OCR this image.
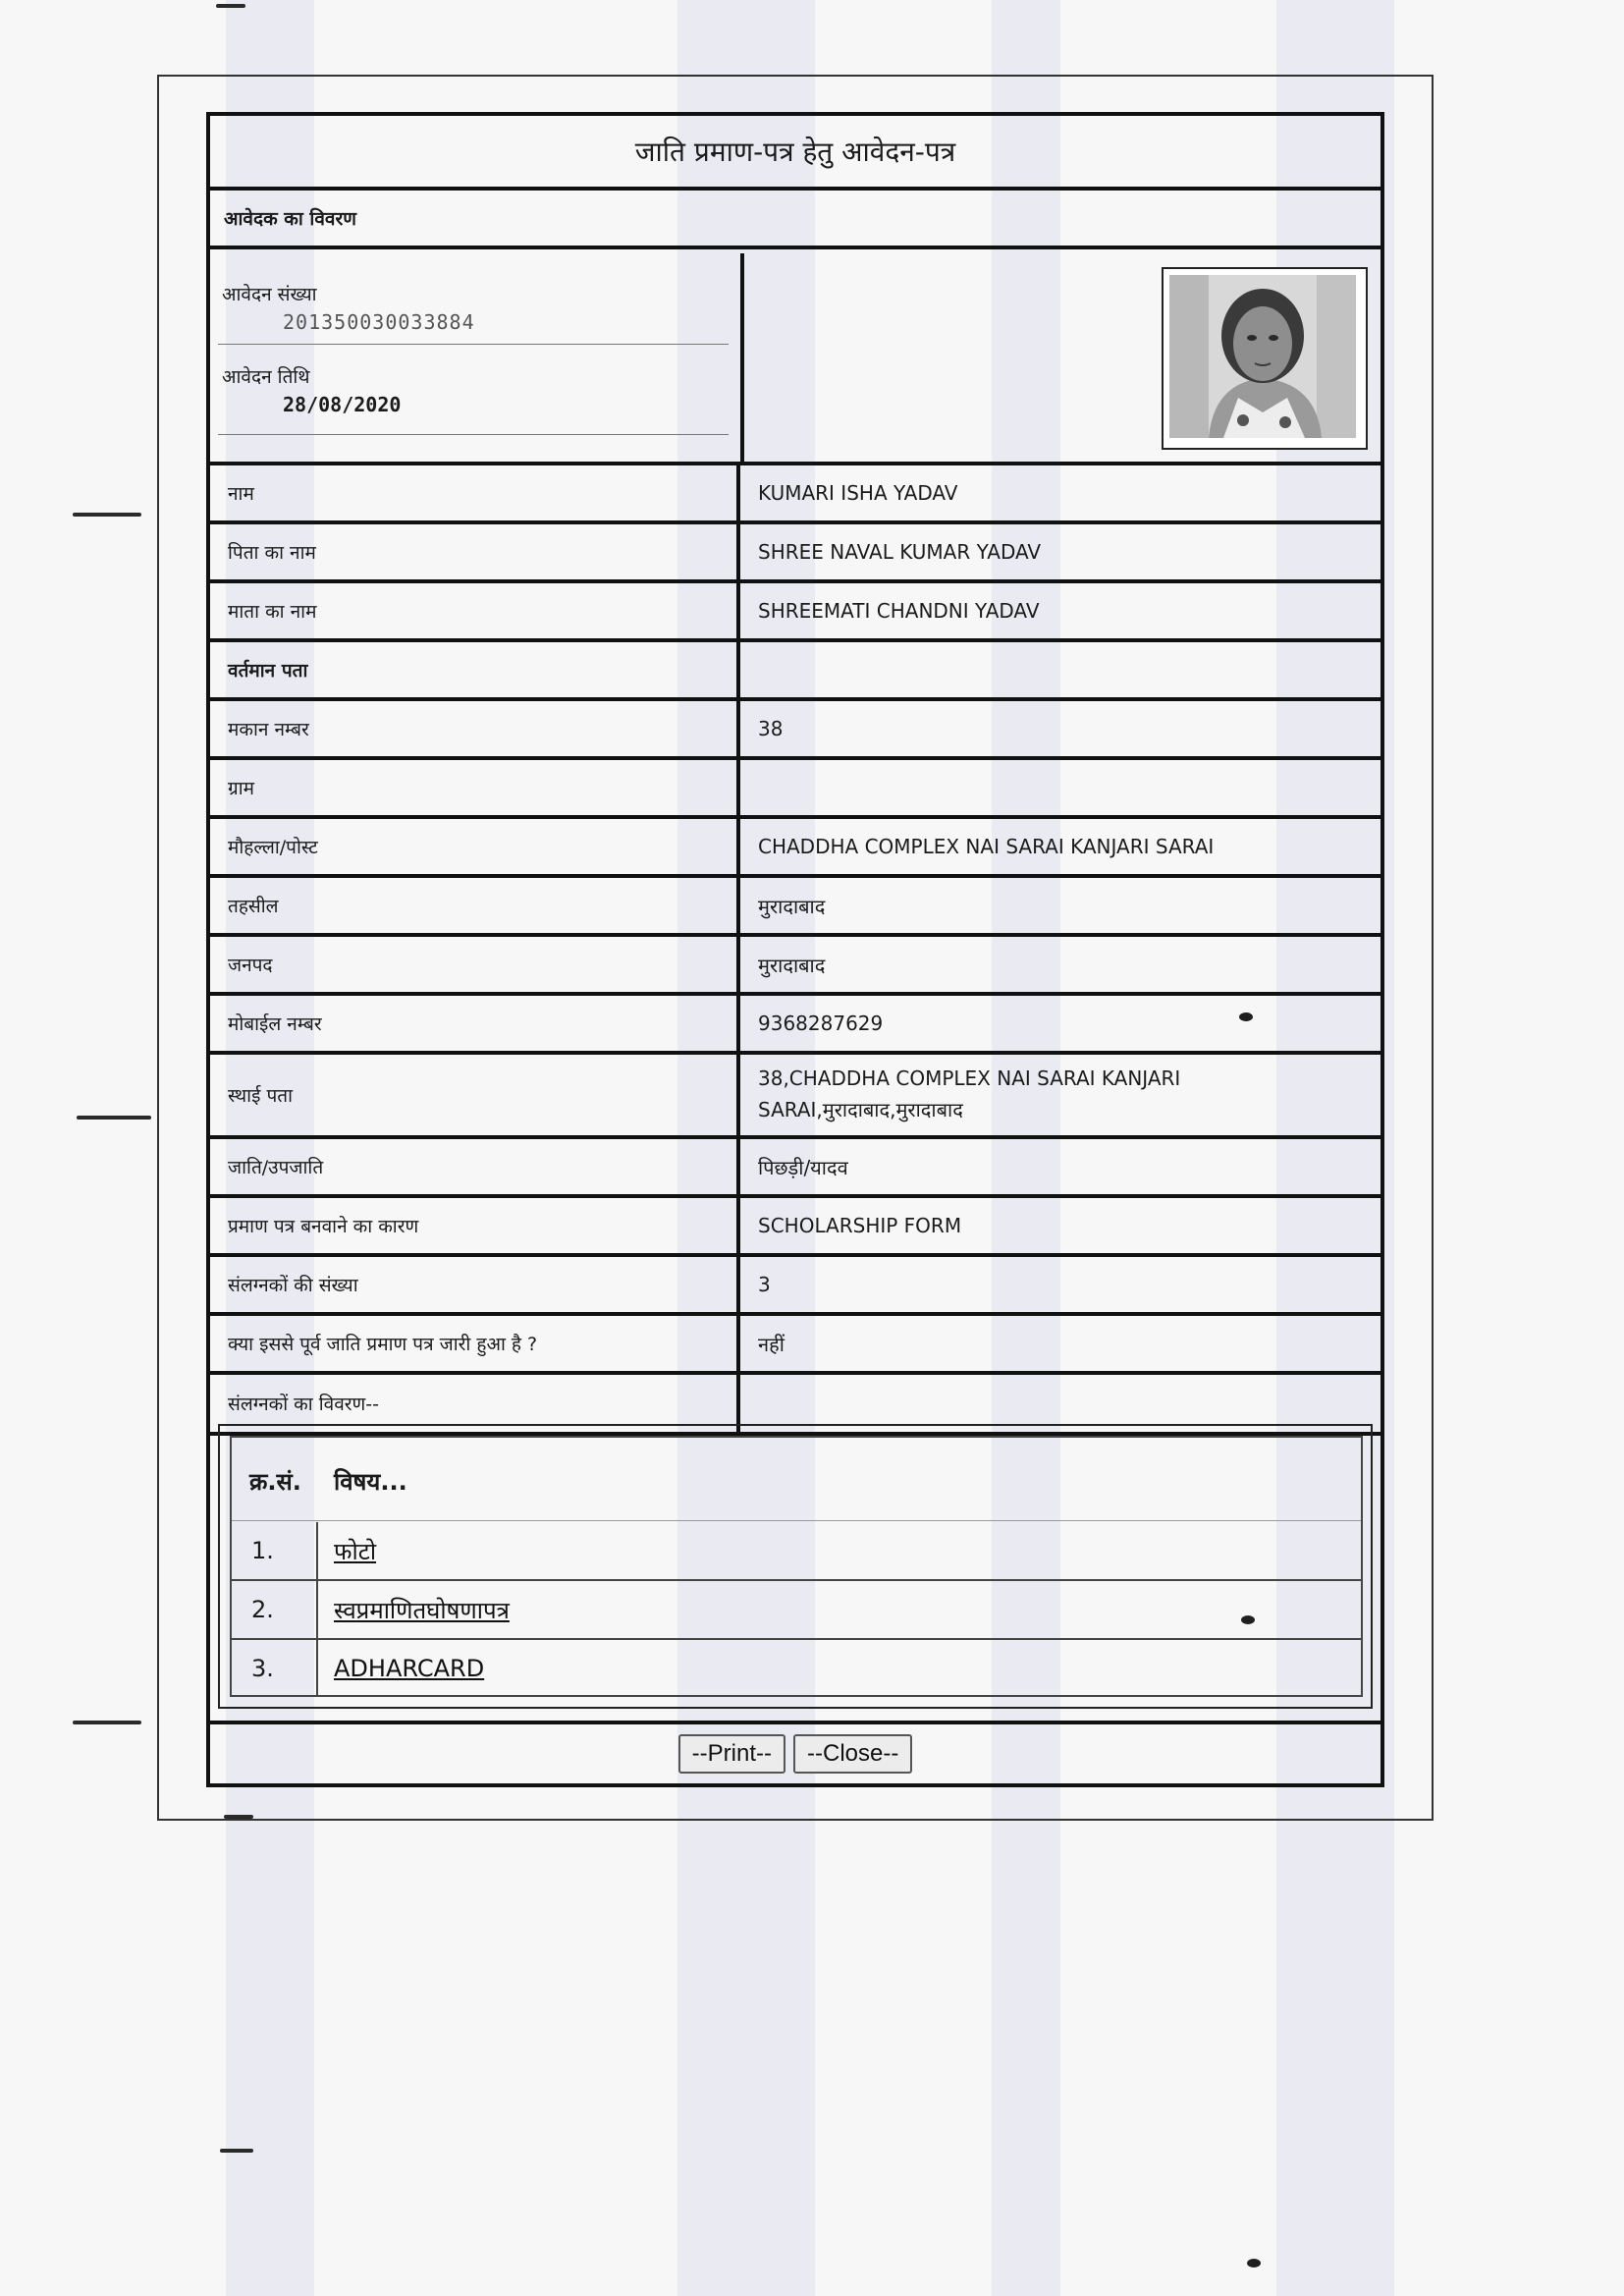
जाति प्रमाण-पत्र हेतु आवेदन-पत्र
आवेदक का विवरण
आवेदन संख्या
201350030033884
आवेदन तिथि
28/08/2020
नाम	KUMARI ISHA YADAV
पिता का नाम	SHREE NAVAL KUMAR YADAV
माता का नाम	SHREEMATI CHANDNI YADAV
वर्तमान पता
मकान नम्बर	38
ग्राम
मौहल्ला/पोस्ट	CHADDHA COMPLEX NAI SARAI KANJARI SARAI
तहसील	मुरादाबाद
जनपद	मुरादाबाद
मोबाईल नम्बर	9368287629
स्थाई पता
38,CHADDHA COMPLEX NAI SARAI KANJARI
SARAI,मुरादाबाद,मुरादाबाद
जाति/उपजाति	पिछड़ी/यादव
प्रमाण पत्र बनवाने का कारण	SCHOLARSHIP FORM
संलग्नकों की संख्या	3
क्या इससे पूर्व जाति प्रमाण पत्र जारी हुआ है ?	नहीं
संलग्नकों का विवरण--
क्र.सं. विषय...
1.	फोटो
2.	स्वप्रमाणितघोषणापत्र
3.	ADHARCARD
--Print--	--Close--
